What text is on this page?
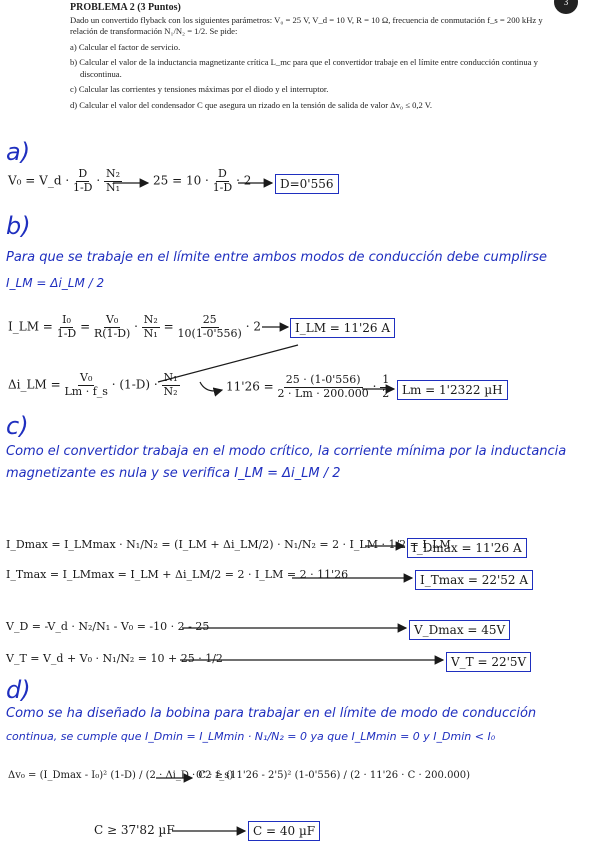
3

PROBLEMA 2 (3 Puntos)

Dado un convertido flyback con los siguientes parámetros: V₀ = 25 V, V_d = 10 V, R = 10 Ω, frecuencia de conmutación f_s = 200 kHz y relación de transformación N₁/N₂ = 1/2. Se pide:

a) Calcular el factor de servicio.

b) Calcular el valor de la inductancia magnetizante crítica L_mc para que el convertidor trabaje en el límite entre conducción continua y discontinua.

c) Calcular las corrientes y tensiones máximas por el diodo y el interruptor.

d) Calcular el valor del condensador C que asegura un rizado en la tensión de salida de valor Δv₀ ≤ 0,2 V.

a)
V₀ = V_d · $\frac{D}{1-D} \cdot \frac{\text{N₂}}{\text{N₁}}$	$25 = 10 \cdot \frac{D}{1-D} \cdot 2$	D=0'556
b)
Para que se trabaje en el límite entre ambos modos de conducción debe cumplirse
I_LM = Δi_LM / 2
I_LM = $\frac{\text{I₀}}{1-D} = \frac{\text{V₀}}{R(1-D)} \cdot \frac{\text{N₂}}{\text{N₁}} = \frac{25}{10(1-0'556)} \cdot 2$	I_LM = 11'26 A
Δi_LM = $\frac{\text{V₀}}{Lm \cdot f\_s} \cdot (1-D) \cdot \frac{\text{N₁}}{\text{N₂}}$	$11'26 = \frac{25 \cdot (1-0'556)}{2 \cdot Lm \cdot 200.000} \cdot \frac{1}{2}$ Lm = 1'2322 µH
c)
Como el convertidor trabaja en el modo crítico, la corriente mínima por la inductancia
magnetizante es nula y se verifica I_LM = Δi_LM / 2
I_Dmax = I_LMmax · N₁/N₂ = (I_LM + Δi_LM/2) · N₁/N₂ = 2 · I_LM · 1/2 = I_LM
I_Dmax = 11'26 A
I_Tmax = I_LMmax = I_LM + Δi_LM/2 = 2 · I_LM = 2 · 11'26	I_Tmax = 22'52 A
V_D = -V_d · N₂/N₁ - V₀ = -10 · 2 - 25	V_Dmax = 45V
V_T = V_d + V₀ · N₁/N₂ = 10 + 25 · 1/2	V_T = 22'5V
d)
Como se ha diseñado la bobina para trabajar en el límite de modo de conducción
continua, se cumple que I_Dmin = I_LMmin · N₁/N₂ = 0 ya que I_LMmin = 0 y I_Dmin < I₀
Δv₀ = (I_Dmax - I₀)² (1-D) / (2 · Δi_D · C · f_s)
0'2 ≥ (11'26 - 2'5)² (1-0'556) / (2 · 11'26 · C · 200.000)
C ≥ 37'82 µF	C = 40 µF
